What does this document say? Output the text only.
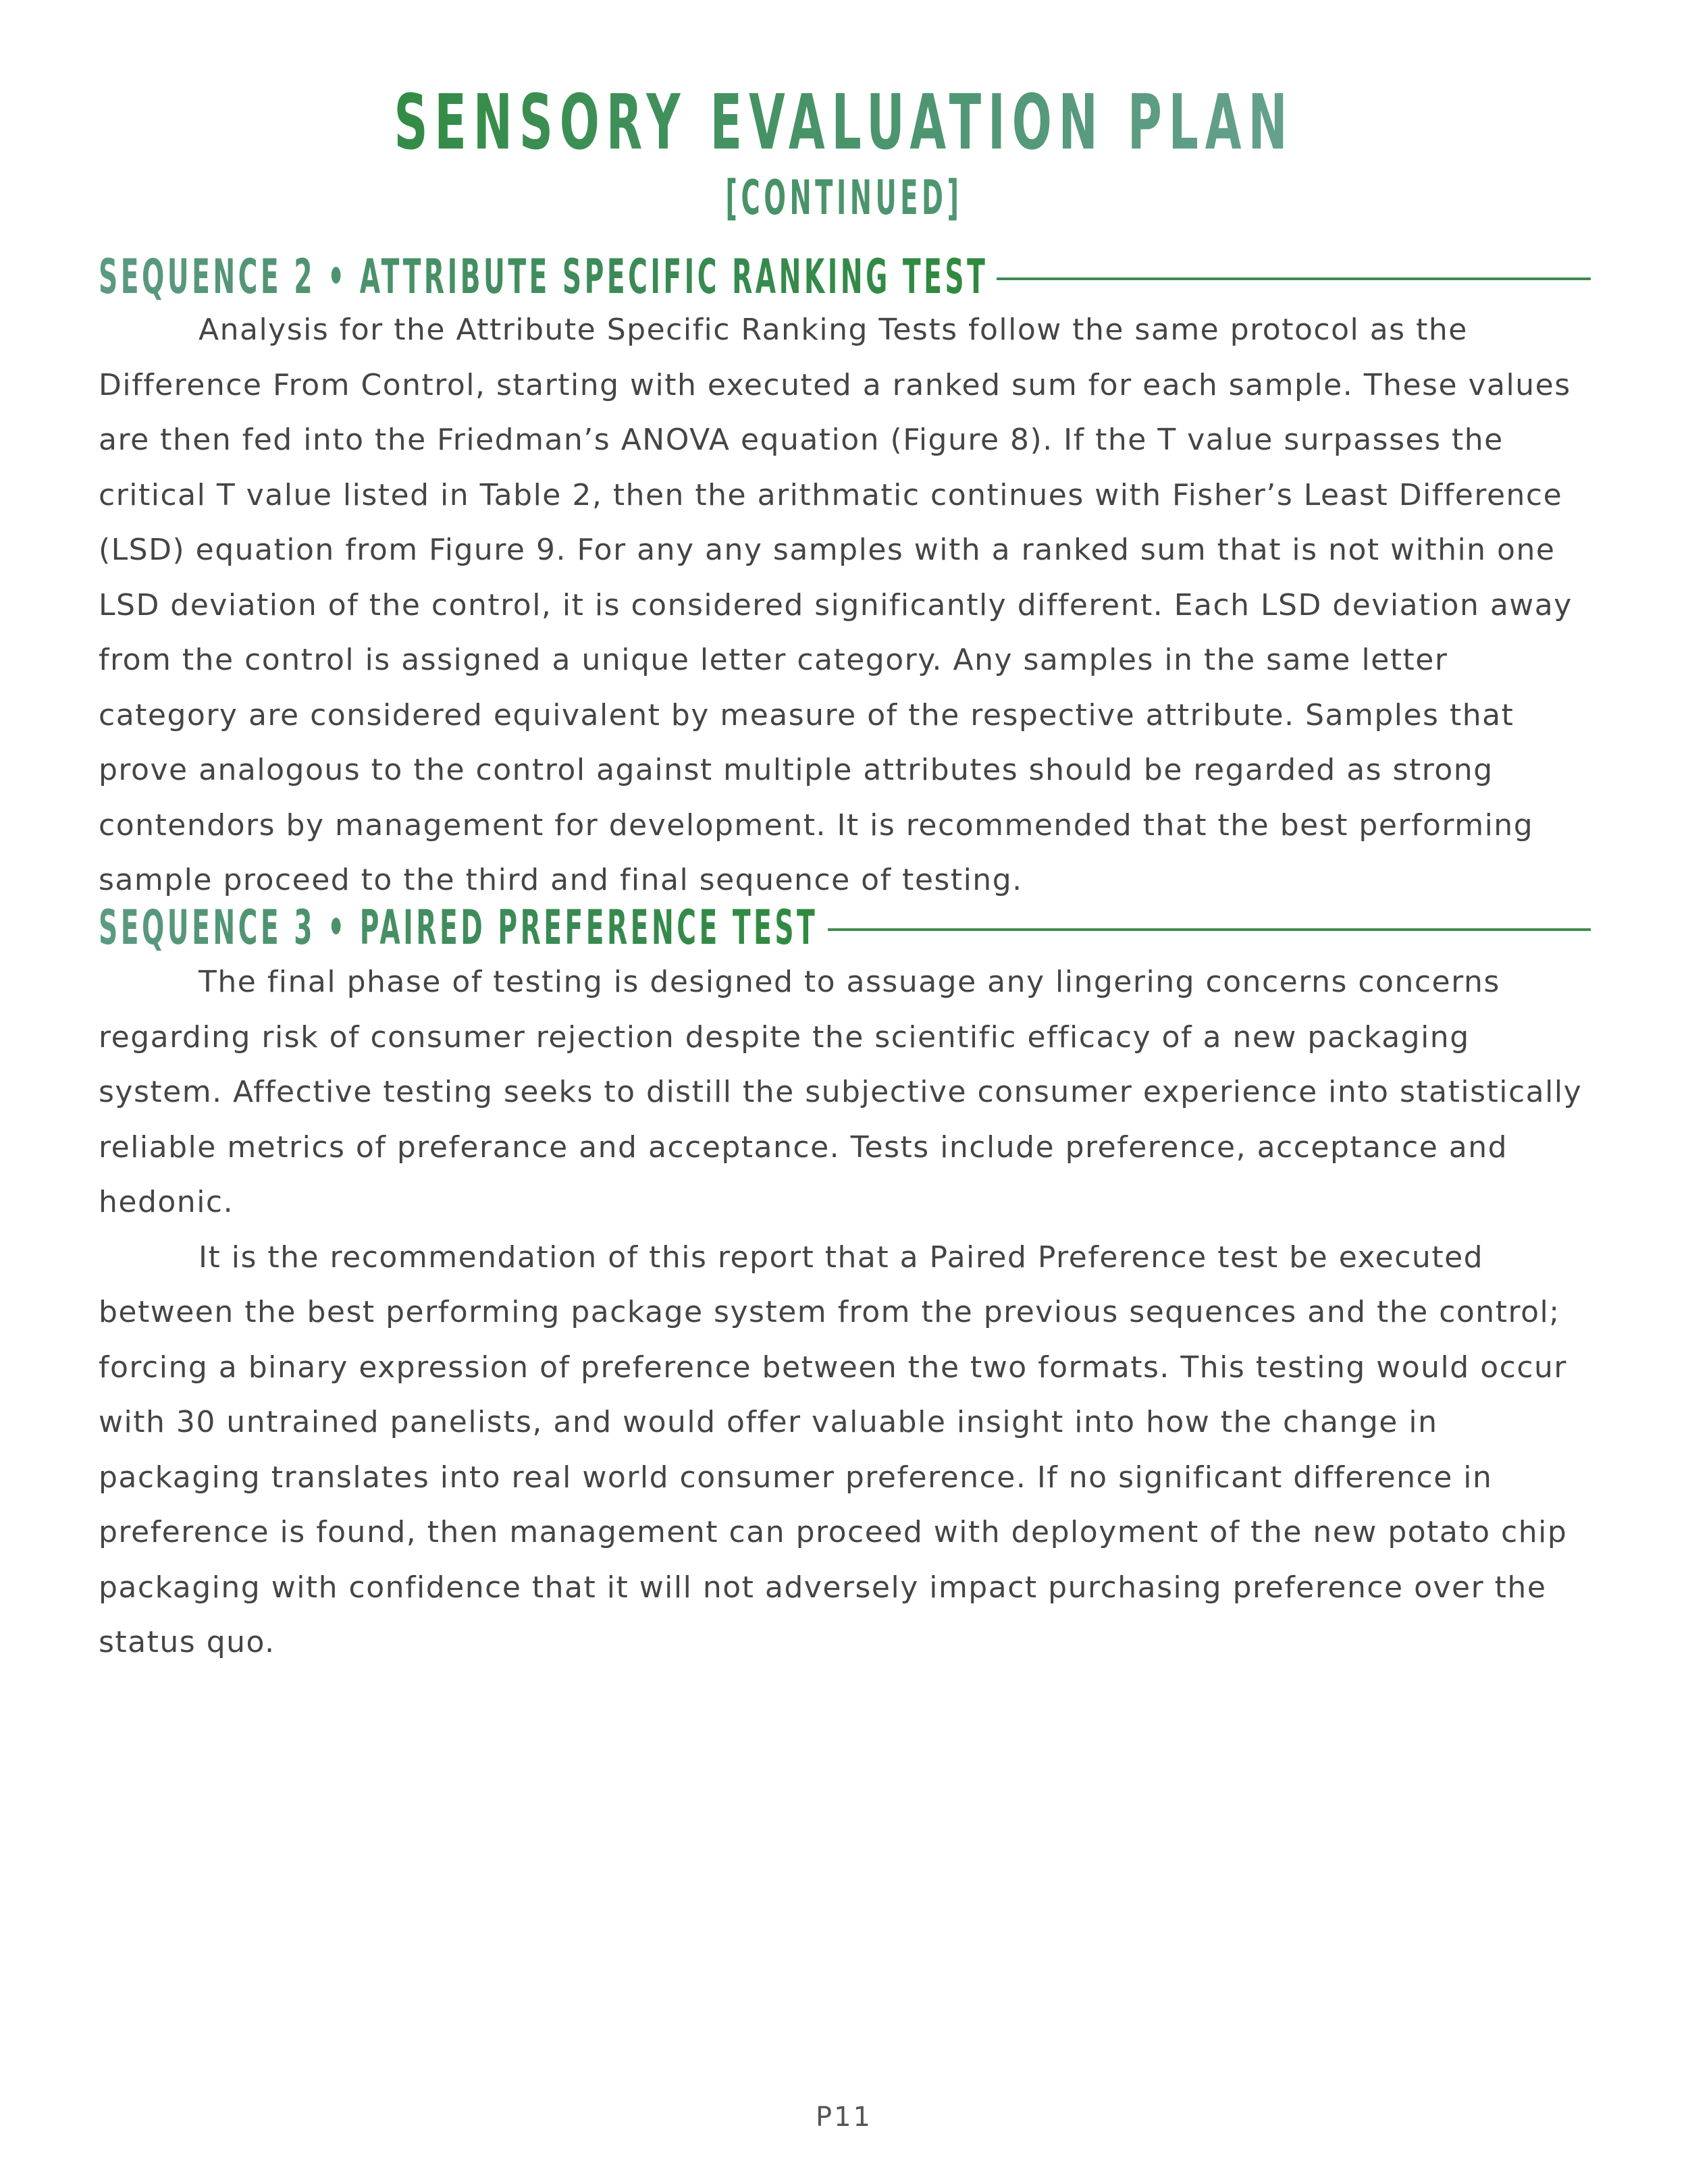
SENSORY EVALUATION PLAN
[CONTINUED]
SEQUENCE 2 • ATTRIBUTE SPECIFIC RANKING TEST

Analysis for the Attribute Specific Ranking Tests follow the same protocol as the Difference From Control, starting with executed a ranked sum for each sample. These values are then fed into the Friedman’s ANOVA equation (Figure 8). If the T value surpasses the critical T value listed in Table 2, then the arithmatic continues with Fisher’s Least Difference (LSD) equation from Figure 9. For any any samples with a ranked sum that is not within one LSD deviation of the control, it is considered significantly different. Each LSD deviation away from the control is assigned a unique letter category. Any samples in the same letter category are considered equivalent by measure of the respective attribute. Samples that prove analogous to the control against multiple attributes should be regarded as strong contendors by management for development. It is recommended that the best performing sample proceed to the third and final sequence of testing.

SEQUENCE 3 • PAIRED PREFERENCE TEST

The final phase of testing is designed to assuage any lingering concerns concerns regarding risk of consumer rejection despite the scientific efficacy of a new packaging system. Affective testing seeks to distill the subjective consumer experience into statistically reliable metrics of preferance and acceptance. Tests include preference, acceptance and hedonic.

It is the recommendation of this report that a Paired Preference test be executed between the best performing package system from the previous sequences and the control; forcing a binary expression of preference between the two formats. This testing would occur with 30 untrained panelists, and would offer valuable insight into how the change in packaging translates into real world consumer preference. If no significant difference in preference is found, then management can proceed with deployment of the new potato chip packaging with confidence that it will not adversely impact purchasing preference over the status quo.

P11
